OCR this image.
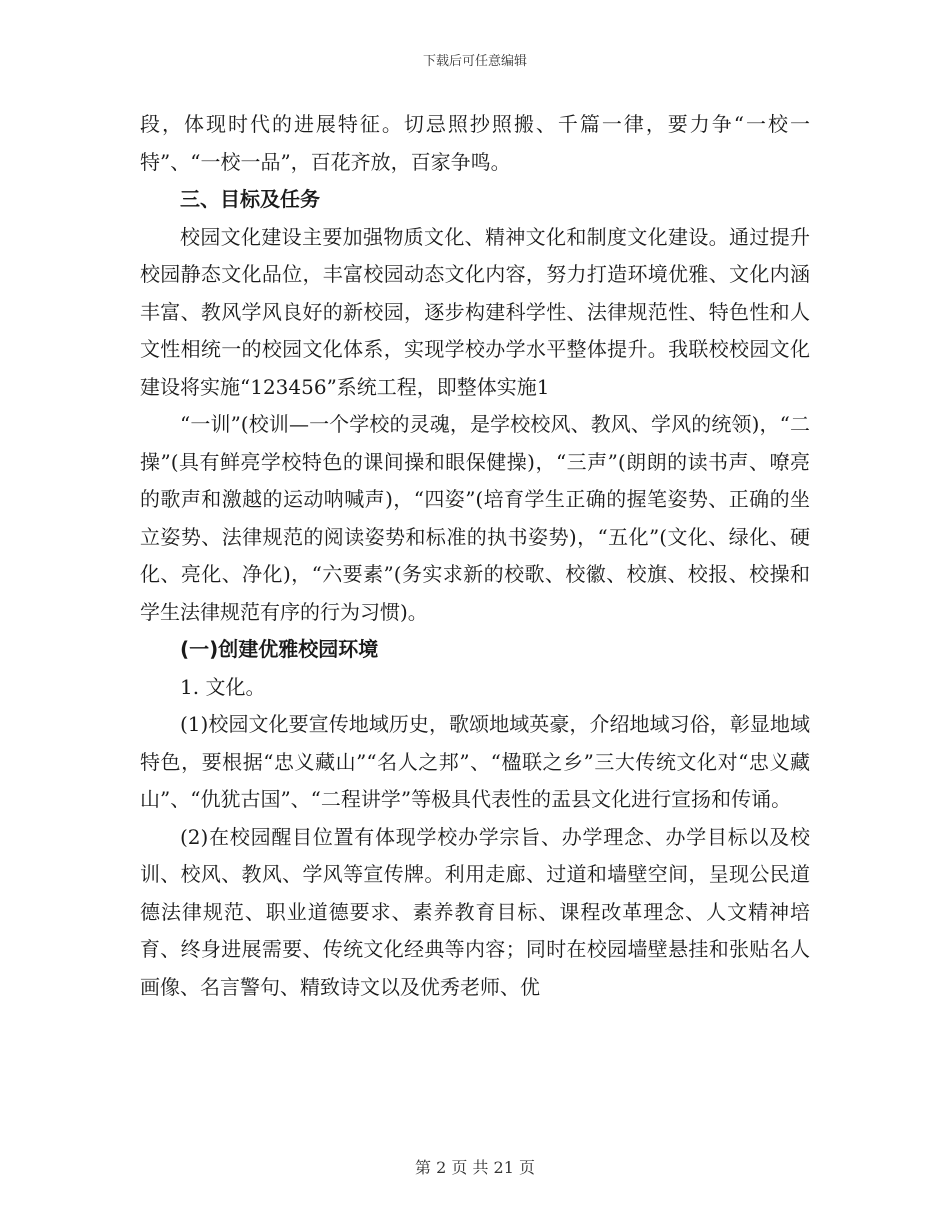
下载后可任意编辑

段，体现时代的进展特征。切忌照抄照搬、千篇一律，要力争“一校一特”、“一校一品”，百花齐放，百家争鸣。

三、目标及任务

校园文化建设主要加强物质文化、精神文化和制度文化建设。通过提升校园静态文化品位，丰富校园动态文化内容，努力打造环境优雅、文化内涵丰富、教风学风良好的新校园，逐步构建科学性、法律规范性、特色性和人文性相统一的校园文化体系，实现学校办学水平整体提升。我联校校园文化建设将实施“123456”系统工程，即整体实施1

“一训”(校训—一个学校的灵魂，是学校校风、教风、学风的统领)，“二操”(具有鲜亮学校特色的课间操和眼保健操)，“三声”(朗朗的读书声、嘹亮的歌声和激越的运动呐喊声)，“四姿”(培育学生正确的握笔姿势、正确的坐立姿势、法律规范的阅读姿势和标准的执书姿势)，“五化”(文化、绿化、硬化、亮化、净化)，“六要素”(务实求新的校歌、校徽、校旗、校报、校操和学生法律规范有序的行为习惯)。

(一)创建优雅校园环境

1. 文化。

(1)校园文化要宣传地域历史，歌颂地域英豪，介绍地域习俗，彰显地域特色，要根据“忠义藏山”“名人之邦”、“楹联之乡”三大传统文化对“忠义藏山”、“仇犹古国”、“二程讲学”等极具代表性的盂县文化进行宣扬和传诵。

(2)在校园醒目位置有体现学校办学宗旨、办学理念、办学目标以及校训、校风、教风、学风等宣传牌。利用走廊、过道和墙壁空间，呈现公民道德法律规范、职业道德要求、素养教育目标、课程改革理念、人文精神培育、终身进展需要、传统文化经典等内容；同时在校园墙壁悬挂和张贴名人画像、名言警句、精致诗文以及优秀老师、优

第 2 页 共 21 页
